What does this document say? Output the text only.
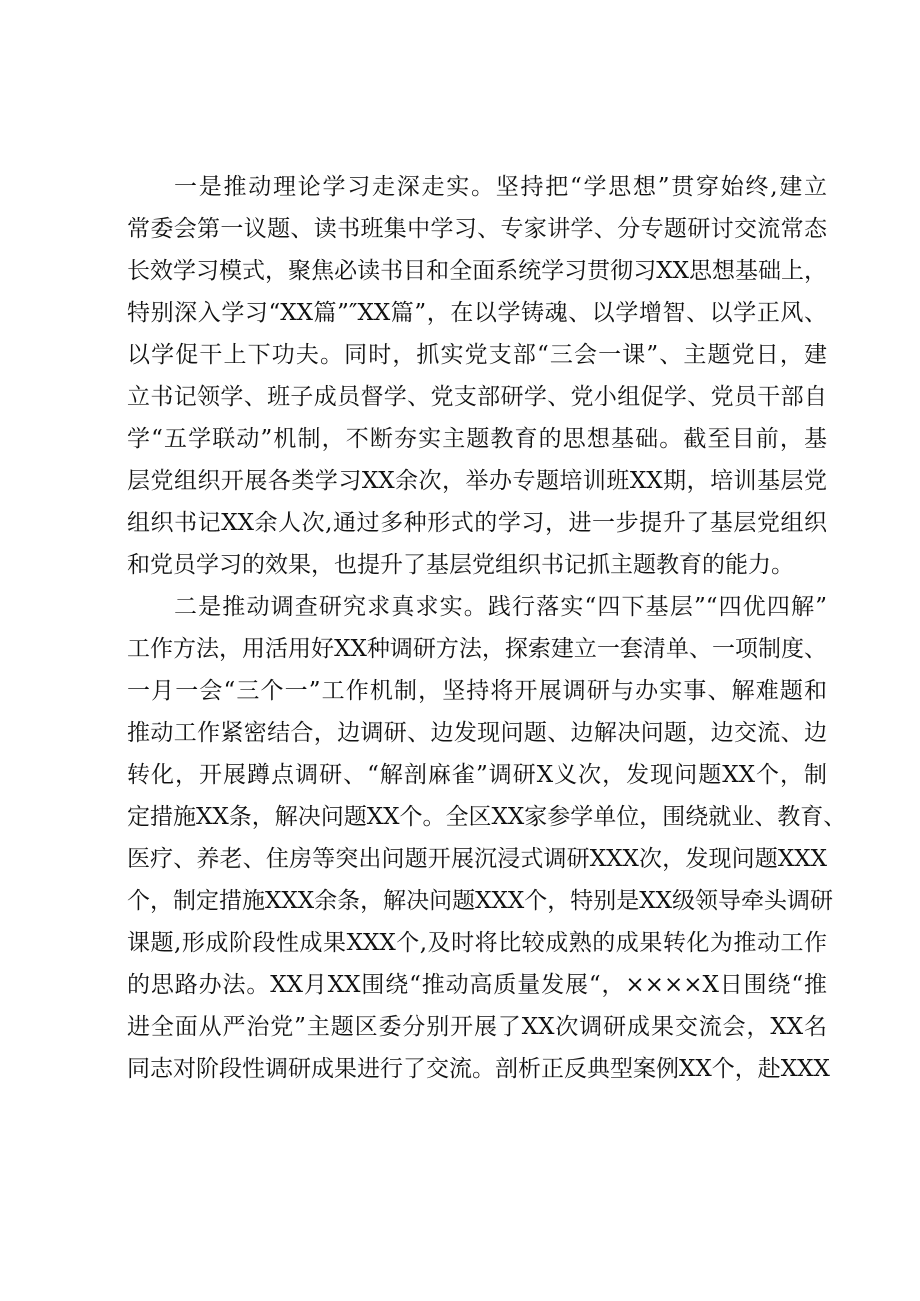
一是推动理论学习走深走实。坚持把“学思想”贯穿始终,建立
常委会第一议题、读书班集中学习、专家讲学、分专题研讨交流常态
长效学习模式，聚焦必读书目和全面系统学习贯彻习XX思想基础上，
特别深入学习“XX篇”″XX篇”，在以学铸魂、以学增智、以学正风、
以学促干上下功夫。同时，抓实党支部“三会一课”、主题党日，建
立书记领学、班子成员督学、党支部研学、党小组促学、党员干部自
学“五学联动”机制，不断夯实主题教育的思想基础。截至目前，基
层党组织开展各类学习XX余次，举办专题培训班XX期，培训基层党
组织书记XX余人次,通过多种形式的学习，进一步提升了基层党组织
和党员学习的效果，也提升了基层党组织书记抓主题教育的能力。
二是推动调查研究求真求实。践行落实“四下基层”“四优四解”
工作方法，用活用好XX种调研方法，探索建立一套清单、一项制度、
一月一会“三个一”工作机制，坚持将开展调研与办实事、解难题和
推动工作紧密结合，边调研、边发现问题、边解决问题，边交流、边
转化，开展蹲点调研、“解剖麻雀”调研X义次，发现问题XX个，制
定措施XX条，解决问题XX个。全区XX家参学单位，围绕就业、教育、
医疗、养老、住房等突出问题开展沉浸式调研XXX次，发现问题XXX
个，制定措施XXX余条，解决问题XXX个，特别是XX级领导牵头调研
课题,形成阶段性成果XXX个,及时将比较成熟的成果转化为推动工作
的思路办法。XX月XX围绕“推动高质量发展“，××××X日围绕“推
进全面从严治党”主题区委分别开展了XX次调研成果交流会，XX名
同志对阶段性调研成果进行了交流。剖析正反典型案例XX个，赴XXX
